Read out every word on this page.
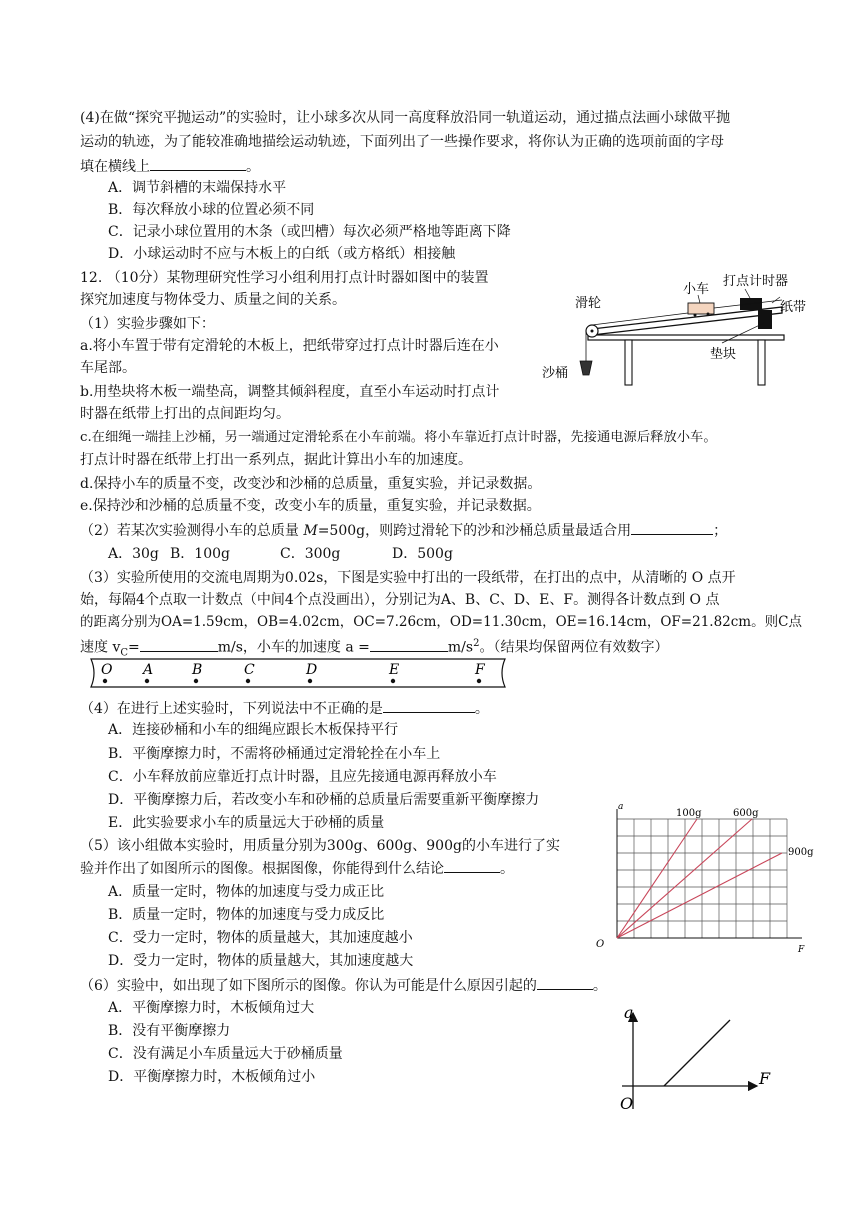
(4)在做“探究平抛运动”的实验时，让小球多次从同一高度释放沿同一轨道运动，通过描点法画小球做平抛
运动的轨迹，为了能较准确地描绘运动轨迹，下面列出了一些操作要求，将你认为正确的选项前面的字母
填在横线上	。
A．调节斜槽的末端保持水平
B．每次释放小球的位置必须不同
C．记录小球位置用的木条（或凹槽）每次必须严格地等距离下降
D．小球运动时不应与木板上的白纸（或方格纸）相接触
12. （10分）某物理研究性学习小组利用打点计时器如图中的装置
探究加速度与物体受力、质量之间的关系。
（1）实验步骤如下：
a.将小车置于带有定滑轮的木板上，把纸带穿过打点计时器后连在小
车尾部。
b.用垫块将木板一端垫高，调整其倾斜程度，直至小车运动时打点计
时器在纸带上打出的点间距均匀。
c.在细绳一端挂上沙桶，另一端通过定滑轮系在小车前端。将小车靠近打点计时器，先接通电源后释放小车。
打点计时器在纸带上打出一系列点，据此计算出小车的加速度。
d.保持小车的质量不变，改变沙和沙桶的总质量，重复实验，并记录数据。
e.保持沙和沙桶的总质量不变，改变小车的质量，重复实验，并记录数据。
滑轮
小车
打点计时器
纸带
垫块
沙桶
（2）若某次实验测得小车的总质量 M=500g，则跨过滑轮下的沙和沙桶总质量最适合用	；
A．30g B．100g	C．300g	D．500g
（3）实验所使用的交流电周期为0.02s，下图是实验中打出的一段纸带，在打出的点中，从清晰的 O 点开
始，每隔4个点取一计数点（中间4个点没画出），分别记为A、B、C、D、E、F。测得各计数点到 O 点
的距离分别为OA=1.59cm，OB=4.02cm，OC=7.26cm，OD=11.30cm，OE=16.14cm，OF=21.82cm。则C点
速度 $v_C=$	m/s，小车的加速度 a =	$m/s^2$。（结果均保留两位有效数字）
O A	B	C	D	E	F
（4）在进行上述实验时，下列说法中不正确的是	。
A．连接砂桶和小车的细绳应跟长木板保持平行
B．平衡摩擦力时，不需将砂桶通过定滑轮拴在小车上
C．小车释放前应靠近打点计时器，且应先接通电源再释放小车
D．平衡摩擦力后，若改变小车和砂桶的总质量后需要重新平衡摩擦力
E．此实验要求小车的质量远大于砂桶的质量
（5）该小组做本实验时，用质量分别为300g、600g、900g的小车进行了实
验并作出了如图所示的图像。根据图像，你能得到什么结论	。
A．质量一定时，物体的加速度与受力成正比
B．质量一定时，物体的加速度与受力成反比
C．受力一定时，物体的质量越大，其加速度越小
D．受力一定时，物体的质量越大，其加速度越大
a
F
O
100g	600g
900g
（6）实验中，如出现了如下图所示的图像。你认为可能是什么原因引起的	。
A．平衡摩擦力时，木板倾角过大
B．没有平衡摩擦力
C．没有满足小车质量远大于砂桶质量
D．平衡摩擦力时，木板倾角过小
a
F
O
